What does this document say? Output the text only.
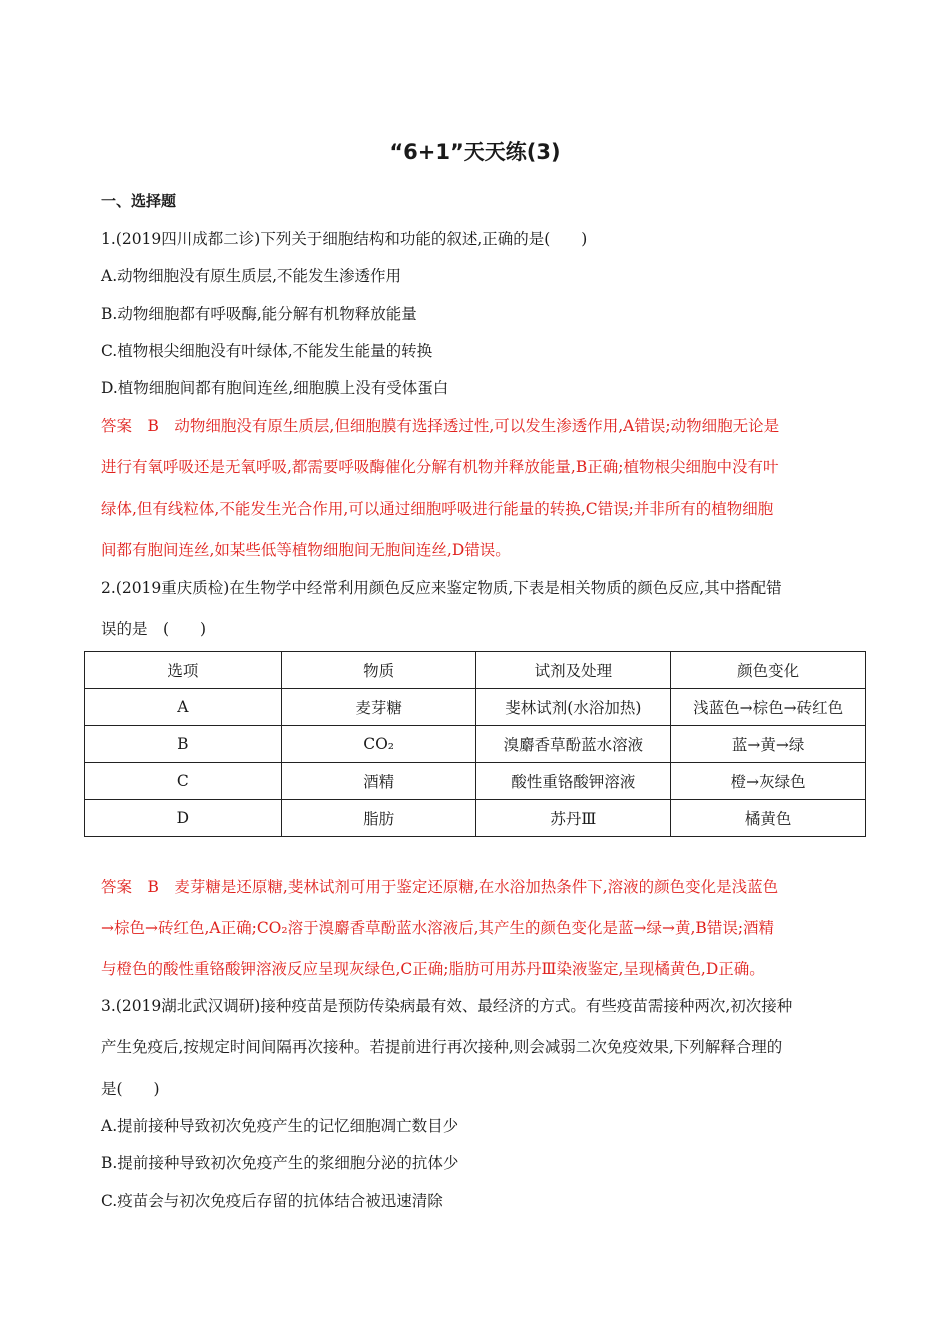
“6+1”天天练(3)
一、选择题
1.(2019四川成都二诊)下列关于细胞结构和功能的叙述,正确的是(　　)
A.动物细胞没有原生质层,不能发生渗透作用
B.动物细胞都有呼吸酶,能分解有机物释放能量
C.植物根尖细胞没有叶绿体,不能发生能量的转换
D.植物细胞间都有胞间连丝,细胞膜上没有受体蛋白
答案　B　动物细胞没有原生质层,但细胞膜有选择透过性,可以发生渗透作用,A错误;动物细胞无论是
进行有氧呼吸还是无氧呼吸,都需要呼吸酶催化分解有机物并释放能量,B正确;植物根尖细胞中没有叶
绿体,但有线粒体,不能发生光合作用,可以通过细胞呼吸进行能量的转换,C错误;并非所有的植物细胞
间都有胞间连丝,如某些低等植物细胞间无胞间连丝,D错误。
2.(2019重庆质检)在生物学中经常利用颜色反应来鉴定物质,下表是相关物质的颜色反应,其中搭配错
误的是　(　　)
选项	物质	试剂及处理	颜色变化
A	麦芽糖	斐林试剂(水浴加热)	浅蓝色→棕色→砖红色
B	CO₂	溴麝香草酚蓝水溶液	蓝→黄→绿
C	酒精	酸性重铬酸钾溶液	橙→灰绿色
D	脂肪	苏丹Ⅲ	橘黄色
答案　B　麦芽糖是还原糖,斐林试剂可用于鉴定还原糖,在水浴加热条件下,溶液的颜色变化是浅蓝色
→棕色→砖红色,A正确;CO₂溶于溴麝香草酚蓝水溶液后,其产生的颜色变化是蓝→绿→黄,B错误;酒精
与橙色的酸性重铬酸钾溶液反应呈现灰绿色,C正确;脂肪可用苏丹Ⅲ染液鉴定,呈现橘黄色,D正确。
3.(2019湖北武汉调研)接种疫苗是预防传染病最有效、最经济的方式。有些疫苗需接种两次,初次接种
产生免疫后,按规定时间间隔再次接种。若提前进行再次接种,则会减弱二次免疫效果,下列解释合理的
是(　　)
A.提前接种导致初次免疫产生的记忆细胞凋亡数目少
B.提前接种导致初次免疫产生的浆细胞分泌的抗体少
C.疫苗会与初次免疫后存留的抗体结合被迅速清除
